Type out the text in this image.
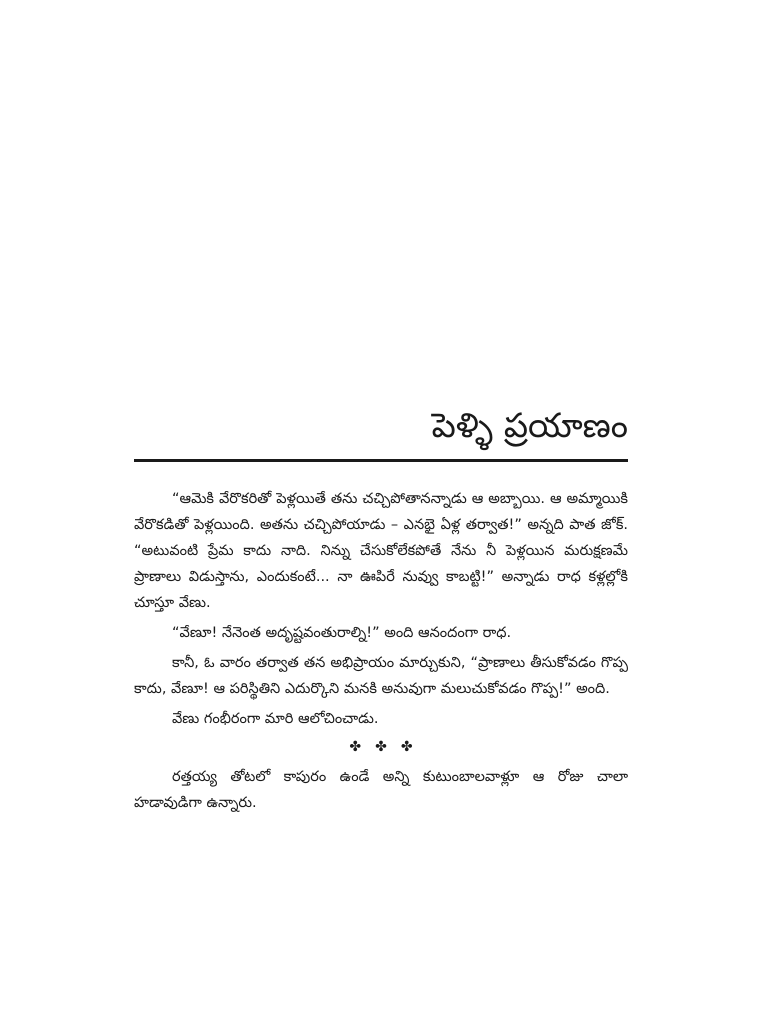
పెళ్ళి ప్రయాణం

“ఆమెకి వేరొకరితో పెళ్లయితే తను చచ్చిపోతానన్నాడు ఆ అబ్బాయి. ఆ అమ్మాయికి వేరొకడితో పెళ్లయింది. అతను చచ్చిపోయాడు – ఎనభై ఏళ్ల తర్వాత!” అన్నది పాత జోక్. “అటువంటి ప్రేమ కాదు నాది. నిన్ను చేసుకోలేకపోతే నేను నీ పెళ్లయిన మరుక్షణమే ప్రాణాలు విడుస్తాను, ఎందుకంటే... నా ఊపిరే నువ్వు కాబట్టి!” అన్నాడు రాధ కళ్లల్లోకి చూస్తూ వేణు.

“వేణూ! నేనెంత అదృష్టవంతురాల్ని!” అంది ఆనందంగా రాధ.

కానీ, ఓ వారం తర్వాత తన అభిప్రాయం మార్చుకుని, “ప్రాణాలు తీసుకోవడం గొప్ప కాదు, వేణూ! ఆ పరిస్థితిని ఎదుర్కొని మనకి అనువుగా మలుచుకోవడం గొప్ప!” అంది.

వేణు గంభీరంగా మారి ఆలోచించాడు.

✤✤✤

రత్తయ్య తోటలో కాపురం ఉండే అన్ని కుటుంబాలవాళ్లూ ఆ రోజు చాలా హడావుడిగా ఉన్నారు.
